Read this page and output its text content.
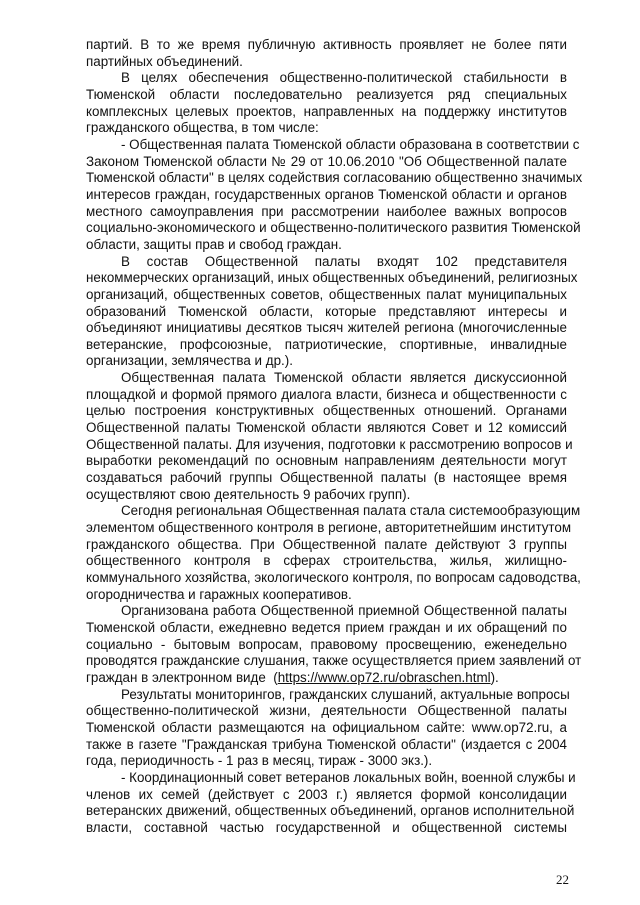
партий. В то же время публичную активность проявляет не более пяти
партийных объединений.
В целях обеспечения общественно-политической стабильности в
Тюменской области последовательно реализуется ряд специальных
комплексных целевых проектов, направленных на поддержку институтов
гражданского общества, в том числе:
- Общественная палата Тюменской области образована в соответствии с
Законом Тюменской области № 29 от 10.06.2010 "Об Общественной палате
Тюменской области" в целях содействия согласованию общественно значимых
интересов граждан, государственных органов Тюменской области и органов
местного самоуправления при рассмотрении наиболее важных вопросов
социально-экономического и общественно-политического развития Тюменской
области, защиты прав и свобод граждан.
В состав Общественной палаты входят 102 представителя
некоммерческих организаций, иных общественных объединений, религиозных
организаций, общественных советов, общественных палат муниципальных
образований Тюменской области, которые представляют интересы и
объединяют инициативы десятков тысяч жителей региона (многочисленные
ветеранские, профсоюзные, патриотические, спортивные, инвалидные
организации, землячества и др.).
Общественная палата Тюменской области является дискуссионной
площадкой и формой прямого диалога власти, бизнеса и общественности с
целью построения конструктивных общественных отношений. Органами
Общественной палаты Тюменской области являются Совет и 12 комиссий
Общественной палаты. Для изучения, подготовки к рассмотрению вопросов и
выработки рекомендаций по основным направлениям деятельности могут
создаваться рабочий группы Общественной палаты (в настоящее время
осуществляют свою деятельность 9 рабочих групп).
Сегодня региональная Общественная палата стала системообразующим
элементом общественного контроля в регионе, авторитетнейшим институтом
гражданского общества. При Общественной палате действуют 3 группы
общественного контроля в сферах строительства, жилья, жилищно-
коммунального хозяйства, экологического контроля, по вопросам садоводства,
огородничества и гаражных кооперативов.
Организована работа Общественной приемной Общественной палаты
Тюменской области, ежедневно ведется прием граждан и их обращений по
социально - бытовым вопросам, правовому просвещению, еженедельно
проводятся гражданские слушания, также осуществляется прием заявлений от
граждан в электронном виде  (https://www.op72.ru/obraschen.html).
Результаты мониторингов, гражданских слушаний, актуальные вопросы
общественно-политической жизни, деятельности Общественной палаты
Тюменской области размещаются на официальном сайте: www.op72.ru, а
также в газете "Гражданская трибуна Тюменской области" (издается с 2004
года, периодичность - 1 раз в месяц, тираж - 3000 экз.).
- Координационный совет ветеранов локальных войн, военной службы и
членов их семей (действует с 2003 г.) является формой консолидации
ветеранских движений, общественных объединений, органов исполнительной
власти, составной частью государственной и общественной системы
22
